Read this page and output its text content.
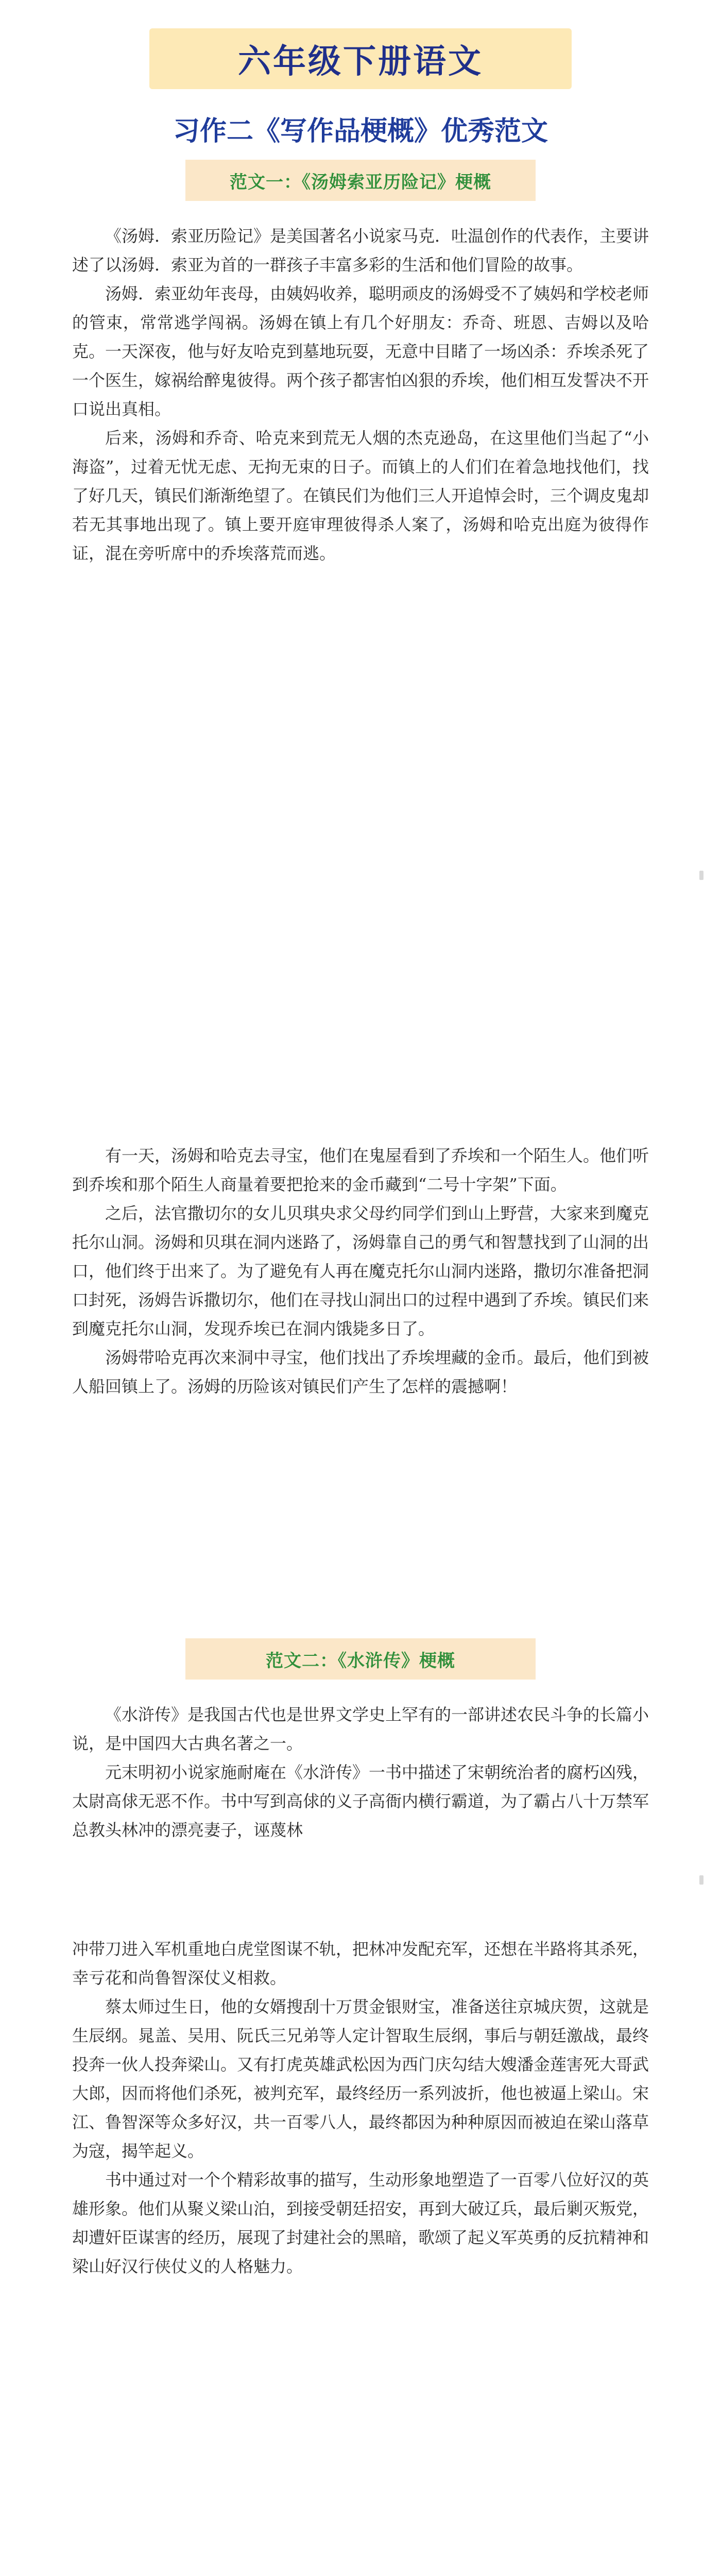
六年级下册语文
习作二《写作品梗概》优秀范文
范文一：《汤姆索亚历险记》梗概

《汤姆．索亚历险记》是美国著名小说家马克．吐温创作的代表作，主要讲述了以汤姆．索亚为首的一群孩子丰富多彩的生活和他们冒险的故事。

汤姆．索亚幼年丧母，由姨妈收养，聪明顽皮的汤姆受不了姨妈和学校老师的管束，常常逃学闯祸。汤姆在镇上有几个好朋友：乔奇、班恩、吉姆以及哈克。一天深夜，他与好友哈克到墓地玩耍，无意中目睹了一场凶杀：乔埃杀死了一个医生，嫁祸给醉鬼彼得。两个孩子都害怕凶狠的乔埃，他们相互发誓决不开口说出真相。

后来，汤姆和乔奇、哈克来到荒无人烟的杰克逊岛，在这里他们当起了“小海盗”，过着无忧无虑、无拘无束的日子。而镇上的人们们在着急地找他们，找了好几天，镇民们渐渐绝望了。在镇民们为他们三人开追悼会时，三个调皮鬼却若无其事地出现了。镇上要开庭审理彼得杀人案了，汤姆和哈克出庭为彼得作证，混在旁听席中的乔埃落荒而逃。

有一天，汤姆和哈克去寻宝，他们在鬼屋看到了乔埃和一个陌生人。他们听到乔埃和那个陌生人商量着要把抢来的金币藏到“二号十字架”下面。

之后，法官撒切尔的女儿贝琪央求父母约同学们到山上野营，大家来到魔克托尔山洞。汤姆和贝琪在洞内迷路了，汤姆靠自己的勇气和智慧找到了山洞的出口，他们终于出来了。为了避免有人再在魔克托尔山洞内迷路，撒切尔准备把洞口封死，汤姆告诉撒切尔，他们在寻找山洞出口的过程中遇到了乔埃。镇民们来到魔克托尔山洞，发现乔埃已在洞内饿毙多日了。

汤姆带哈克再次来洞中寻宝，他们找出了乔埃埋藏的金币。最后，他们到被人船回镇上了。汤姆的历险该对镇民们产生了怎样的震撼啊！

范文二：《水浒传》梗概

《水浒传》是我国古代也是世界文学史上罕有的一部讲述农民斗争的长篇小说，是中国四大古典名著之一。

元末明初小说家施耐庵在《水浒传》一书中描述了宋朝统治者的腐朽凶残，太尉高俅无恶不作。书中写到高俅的义子高衙内横行霸道，为了霸占八十万禁军总教头林冲的漂亮妻子，诬蔑林

冲带刀进入军机重地白虎堂图谋不轨，把林冲发配充军，还想在半路将其杀死，幸亏花和尚鲁智深仗义相救。

蔡太师过生日，他的女婿搜刮十万贯金银财宝，准备送往京城庆贺，这就是生辰纲。晁盖、吴用、阮氏三兄弟等人定计智取生辰纲，事后与朝廷激战，最终投奔一伙人投奔梁山。又有打虎英雄武松因为西门庆勾结大嫂潘金莲害死大哥武大郎，因而将他们杀死，被判充军，最终经历一系列波折，他也被逼上梁山。宋江、鲁智深等众多好汉，共一百零八人，最终都因为种种原因而被迫在梁山落草为寇，揭竿起义。

书中通过对一个个精彩故事的描写，生动形象地塑造了一百零八位好汉的英雄形象。他们从聚义梁山泊，到接受朝廷招安，再到大破辽兵，最后剿灭叛党，却遭奸臣谋害的经历，展现了封建社会的黑暗，歌颂了起义军英勇的反抗精神和梁山好汉行侠仗义的人格魅力。
